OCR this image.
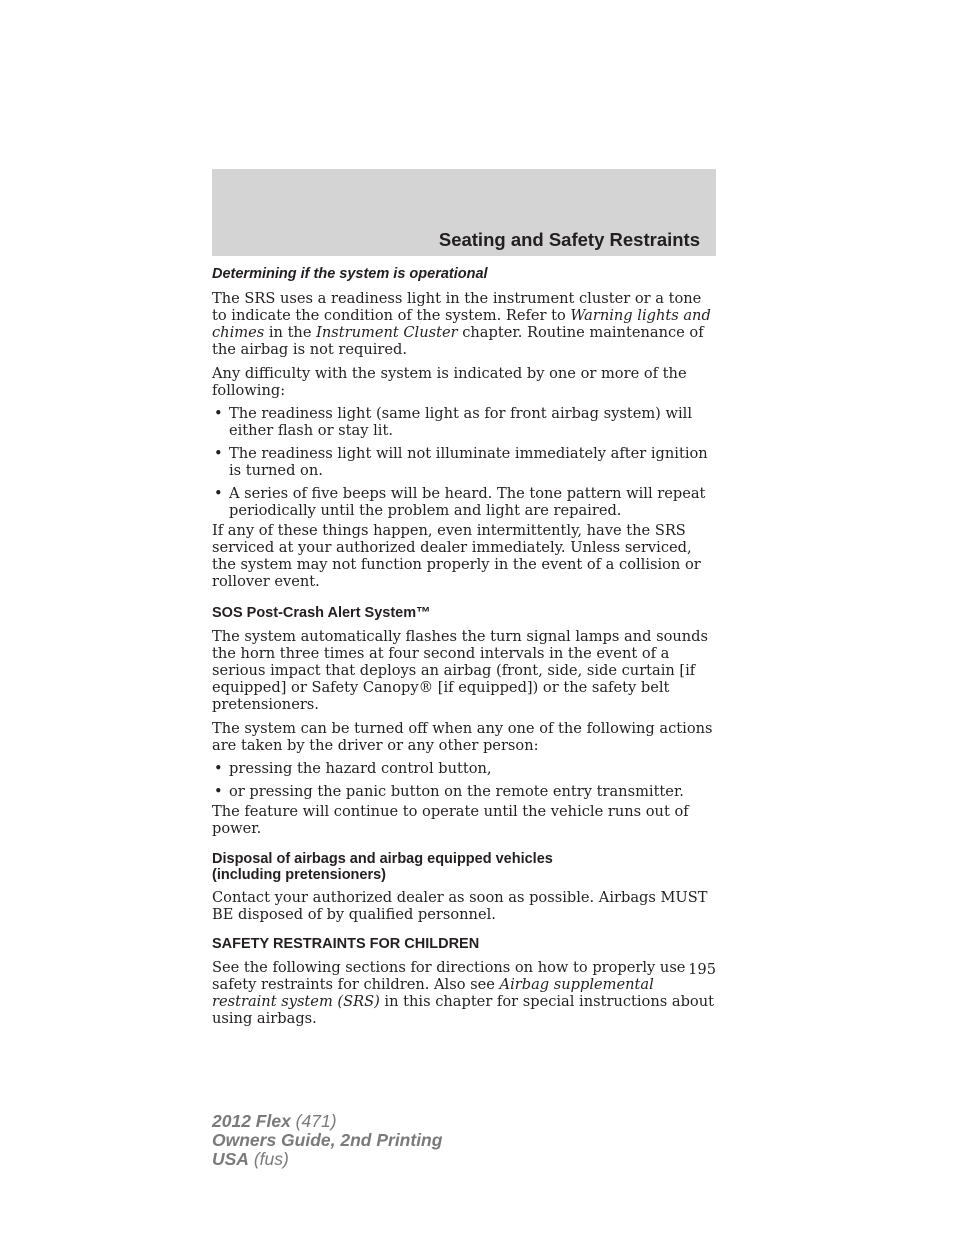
Seating and Safety Restraints
Determining if the system is operational

The SRS uses a readiness light in the instrument cluster or a tone to indicate the condition of the system. Refer to Warning lights and chimes in the Instrument Cluster chapter. Routine maintenance of the airbag is not required.

Any difficulty with the system is indicated by one or more of the following:

• The readiness light (same light as for front airbag system) will either flash or stay lit.
• The readiness light will not illuminate immediately after ignition is turned on.
• A series of five beeps will be heard. The tone pattern will repeat periodically until the problem and light are repaired.

If any of these things happen, even intermittently, have the SRS serviced at your authorized dealer immediately. Unless serviced, the system may not function properly in the event of a collision or rollover event.

SOS Post-Crash Alert System™

The system automatically flashes the turn signal lamps and sounds the horn three times at four second intervals in the event of a serious impact that deploys an airbag (front, side, side curtain [if equipped] or Safety Canopy® [if equipped]) or the safety belt pretensioners.

The system can be turned off when any one of the following actions are taken by the driver or any other person:

• pressing the hazard control button,
• or pressing the panic button on the remote entry transmitter.

The feature will continue to operate until the vehicle runs out of power.

Disposal of airbags and airbag equipped vehicles
(including pretensioners)

Contact your authorized dealer as soon as possible. Airbags MUST BE disposed of by qualified personnel.

SAFETY RESTRAINTS FOR CHILDREN

See the following sections for directions on how to properly use safety restraints for children. Also see Airbag supplemental restraint system (SRS) in this chapter for special instructions about using airbags.

195
2012 Flex (471)
Owners Guide, 2nd Printing
USA (fus)
